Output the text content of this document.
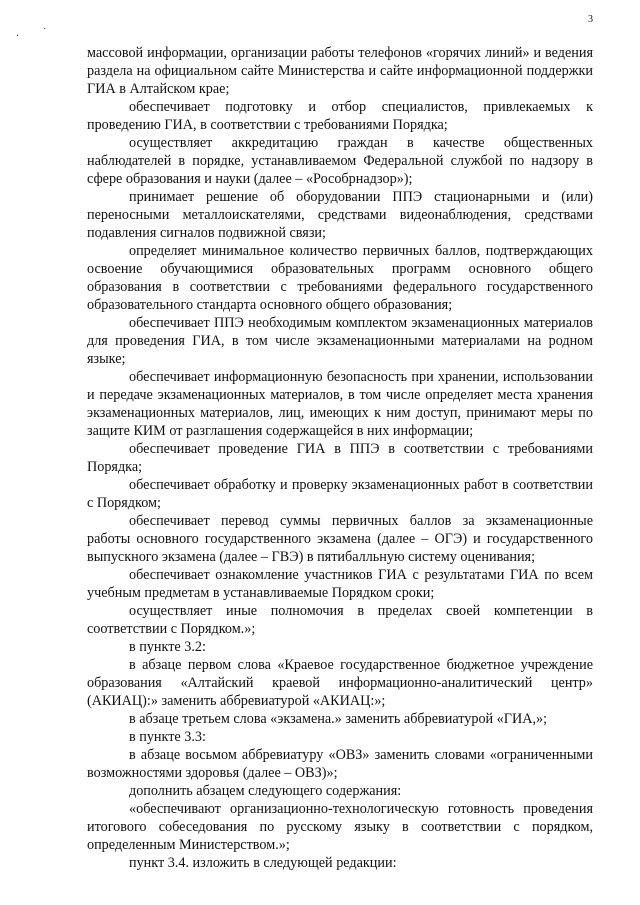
· ˙
3

массовой информации, организации работы телефонов «горячих линий» и ведения раздела на официальном сайте Министерства и сайте информационной поддержки ГИА в Алтайском крае;

обеспечивает подготовку и отбор специалистов, привлекаемых к проведению ГИА, в соответствии с требованиями Порядка;

осуществляет аккредитацию граждан в качестве общественных наблюдателей в порядке, устанавливаемом Федеральной службой по надзору в сфере образования и науки (далее – «Рособрнадзор»);

принимает решение об оборудовании ППЭ стационарными и (или) переносными металлоискателями, средствами видеонаблюдения, средствами подавления сигналов подвижной связи;

определяет минимальное количество первичных баллов, подтверждающих освоение обучающимися образовательных программ основного общего образования в соответствии с требованиями федерального государственного образовательного стандарта основного общего образования;

обеспечивает ППЭ необходимым комплектом экзаменационных материалов для проведения ГИА, в том числе экзаменационными материалами на родном языке;

обеспечивает информационную безопасность при хранении, использовании и передаче экзаменационных материалов, в том числе определяет места хранения экзаменационных материалов, лиц, имеющих к ним доступ, принимают меры по защите КИМ от разглашения содержащейся в них информации;

обеспечивает проведение ГИА в ППЭ в соответствии с требованиями Порядка;

обеспечивает обработку и проверку экзаменационных работ в соответствии с Порядком;

обеспечивает перевод суммы первичных баллов за экзаменационные работы основного государственного экзамена (далее – ОГЭ) и государственного выпускного экзамена (далее – ГВЭ) в пятибалльную систему оценивания;

обеспечивает ознакомление участников ГИА с результатами ГИА по всем учебным предметам в устанавливаемые Порядком сроки;

осуществляет иные полномочия в пределах своей компетенции в соответствии с Порядком.»;

в пункте 3.2:

в абзаце первом слова «Краевое государственное бюджетное учреждение образования «Алтайский краевой информационно-аналитический центр» (АКИАЦ):» заменить аббревиатурой «АКИАЦ:»;

в абзаце третьем слова «экзамена.» заменить аббревиатурой «ГИА,»;

в пункте 3.3:

в абзаце восьмом аббревиатуру «ОВЗ» заменить словами «ограниченными возможностями здоровья (далее – ОВЗ)»;

дополнить абзацем следующего содержания:

«обеспечивают организационно-технологическую готовность проведения итогового собеседования по русскому языку в соответствии с порядком, определенным Министерством.»;

пункт 3.4. изложить в следующей редакции:
